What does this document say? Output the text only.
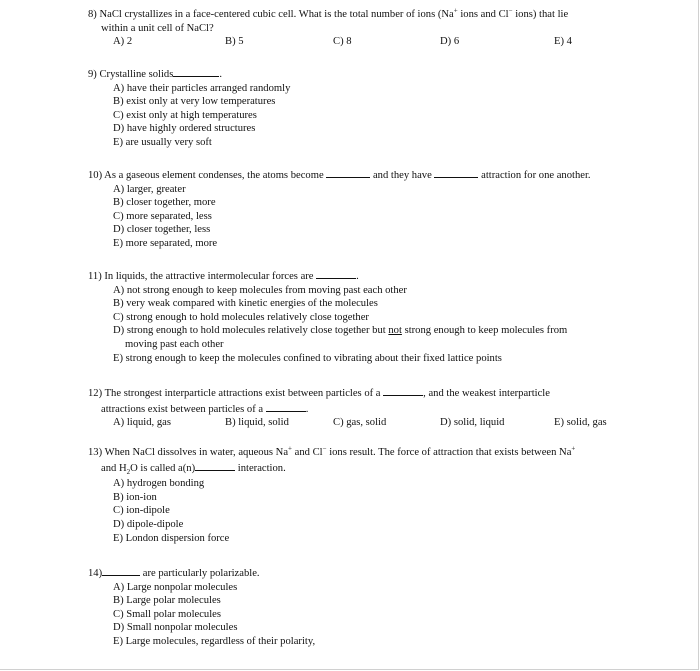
8) NaCl crystallizes in a face-centered cubic cell. What is the total number of ions (Na+ ions and Cl− ions) that lie
within a unit cell of NaCl?
A) 2	B) 5	C) 8	D) 6	E) 4
9) Crystalline solids	.
A) have their particles arranged randomly
B) exist only at very low temperatures
C) exist only at high temperatures
D) have highly ordered structures
E) are usually very soft
10) As a gaseous element condenses, the atoms become	and they have	attraction for one another.
A) larger, greater
B) closer together, more
C) more separated, less
D) closer together, less
E) more separated, more
11) In liquids, the attractive intermolecular forces are	.
A) not strong enough to keep molecules from moving past each other
B) very weak compared with kinetic energies of the molecules
C) strong enough to hold molecules relatively close together
D) strong enough to hold molecules relatively close together but not strong enough to keep molecules from
moving past each other
E) strong enough to keep the molecules confined to vibrating about their fixed lattice points
12) The strongest interparticle attractions exist between particles of a	, and the weakest interparticle
attractions exist between particles of a	.
A) liquid, gas	B) liquid, solid	C) gas, solid	D) solid, liquid	E) solid, gas
13) When NaCl dissolves in water, aqueous Na+ and Cl− ions result. The force of attraction that exists between Na+
and $H_2O$ is called a(n)	interaction.
A) hydrogen bonding
B) ion-ion
C) ion-dipole
D) dipole-dipole
E) London dispersion force
14)	are particularly polarizable.
A) Large nonpolar molecules
B) Large polar molecules
C) Small polar molecules
D) Small nonpolar molecules
E) Large molecules, regardless of their polarity,
